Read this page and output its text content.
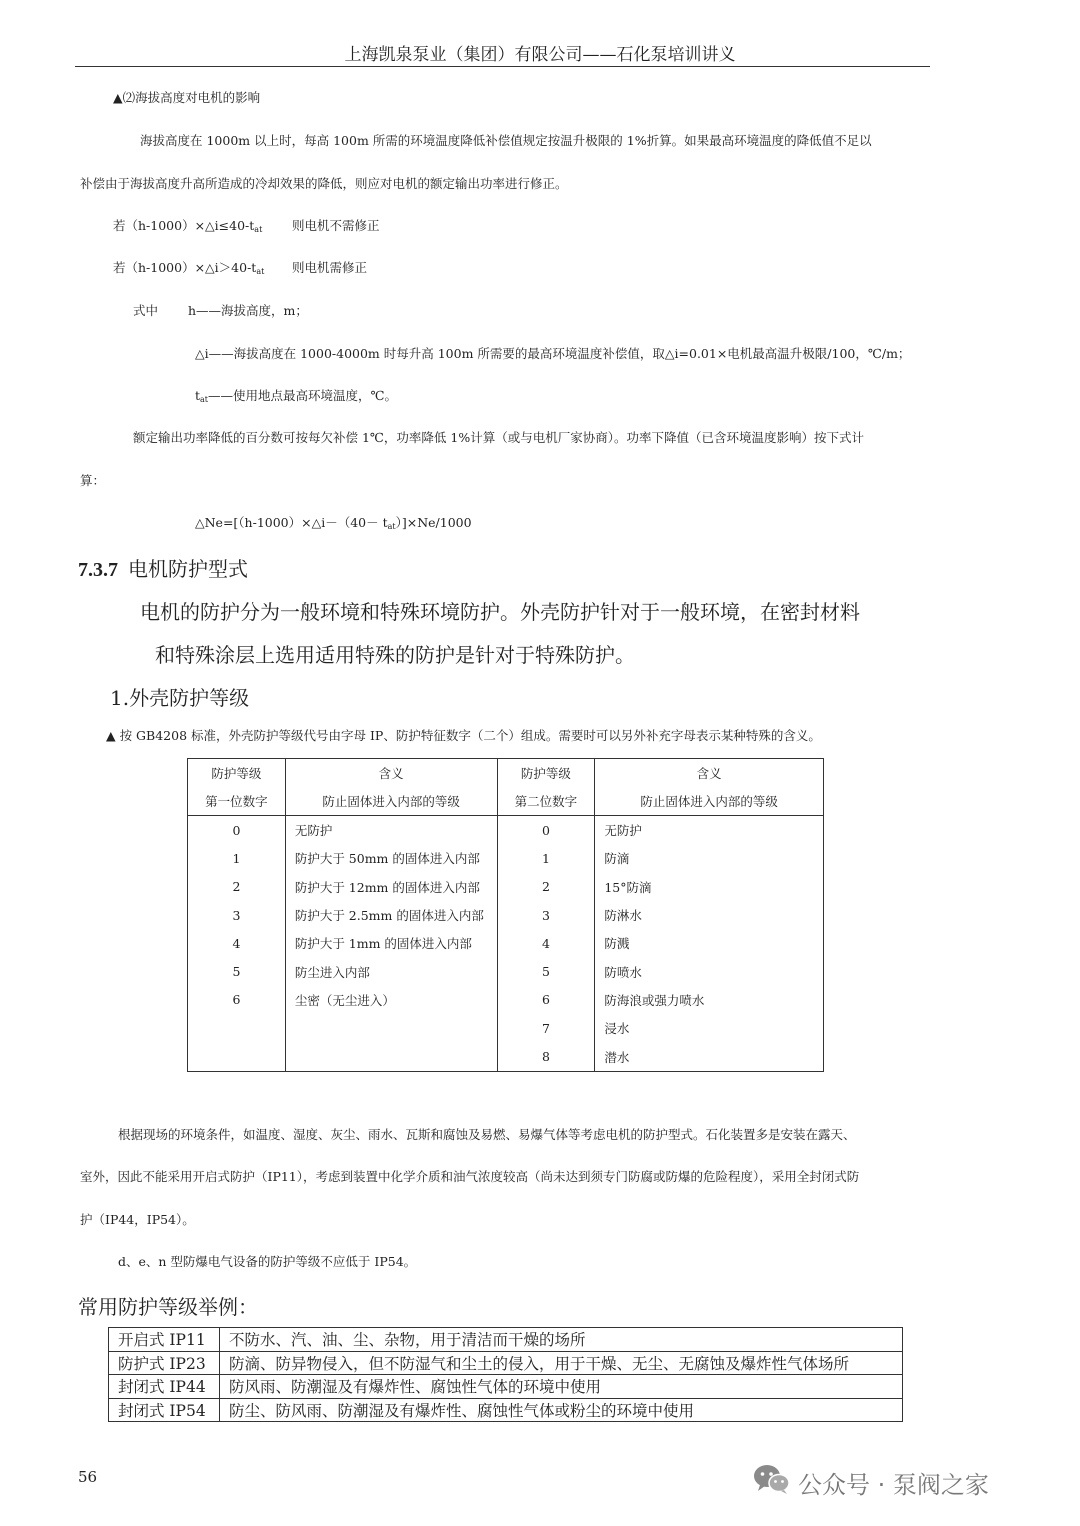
上海凯泉泵业（集团）有限公司——石化泵培训讲义
▲⑵海拔高度对电机的影响
海拔高度在 1000m 以上时，每高 100m 所需的环境温度降低补偿值规定按温升极限的 1%折算。如果最高环境温度的降低值不足以
补偿由于海拔高度升高所造成的冷却效果的降低，则应对电机的额定输出功率进行修正。
若$(h-1000)\times\triangle i\le 40-t_{at}$ 则电机不需修正
若$(h-1000)\times\triangle i>40-t_{at}$ 则电机需修正
式中 h——海拔高度，m；
△i——海拔高度在 1000-4000m 时每升高 100m 所需要的最高环境温度补偿值，取△i=0.01×电机最高温升极限/100，℃/m；
$t_{at}——$使用地点最高环境温度，℃。
额定输出功率降低的百分数可按每欠补偿 1℃，功率降低 1%计算（或与电机厂家协商）。功率下降值（已含环境温度影响）按下式计
算：
△Ne=[（h-1000）×△i－（40－ $t_{at})]\times Ne/1000$
7.3.7 电机防护型式
电机的防护分为一般环境和特殊环境防护。外壳防护针对于一般环境，在密封材料
和特殊涂层上选用适用特殊的防护是针对于特殊防护。
1.外壳防护等级
▲ 按 GB4208 标准，外壳防护等级代号由字母 IP、防护特征数字（二个）组成。需要时可以另外补充字母表示某种特殊的含义。
防护等级	含义	防护等级	含义
第一位数字	防止固体进入内部的等级	第二位数字	防止固体进入内部的等级
0	无防护	0	无防护
1	防护大于 50mm 的固体进入内部	1	防滴
2	防护大于 12mm 的固体进入内部	2	15°防滴
3	防护大于 2.5mm 的固体进入内部	3	防淋水
4	防护大于 1mm 的固体进入内部	4	防溅
5	防尘进入内部	5	防喷水
6	尘密（无尘进入）	6	防海浪或强力喷水
		7	浸水
		8	潜水
根据现场的环境条件，如温度、湿度、灰尘、雨水、瓦斯和腐蚀及易燃、易爆气体等考虑电机的防护型式。石化装置多是安装在露天、
室外，因此不能采用开启式防护（IP11），考虑到装置中化学介质和油气浓度较高（尚未达到须专门防腐或防爆的危险程度），采用全封闭式防
护（IP44，IP54）。
d、e、n 型防爆电气设备的防护等级不应低于 IP54。
常用防护等级举例：
开启式 IP11	不防水、汽、油、尘、杂物，用于清洁而干燥的场所
防护式 IP23	防滴、防异物侵入，但不防湿气和尘土的侵入，用于干燥、无尘、无腐蚀及爆炸性气体场所
封闭式 IP44	防风雨、防潮湿及有爆炸性、腐蚀性气体的环境中使用
封闭式 IP54	防尘、防风雨、防潮湿及有爆炸性、腐蚀性气体或粉尘的环境中使用
56	公众号 · 泵阀之家
